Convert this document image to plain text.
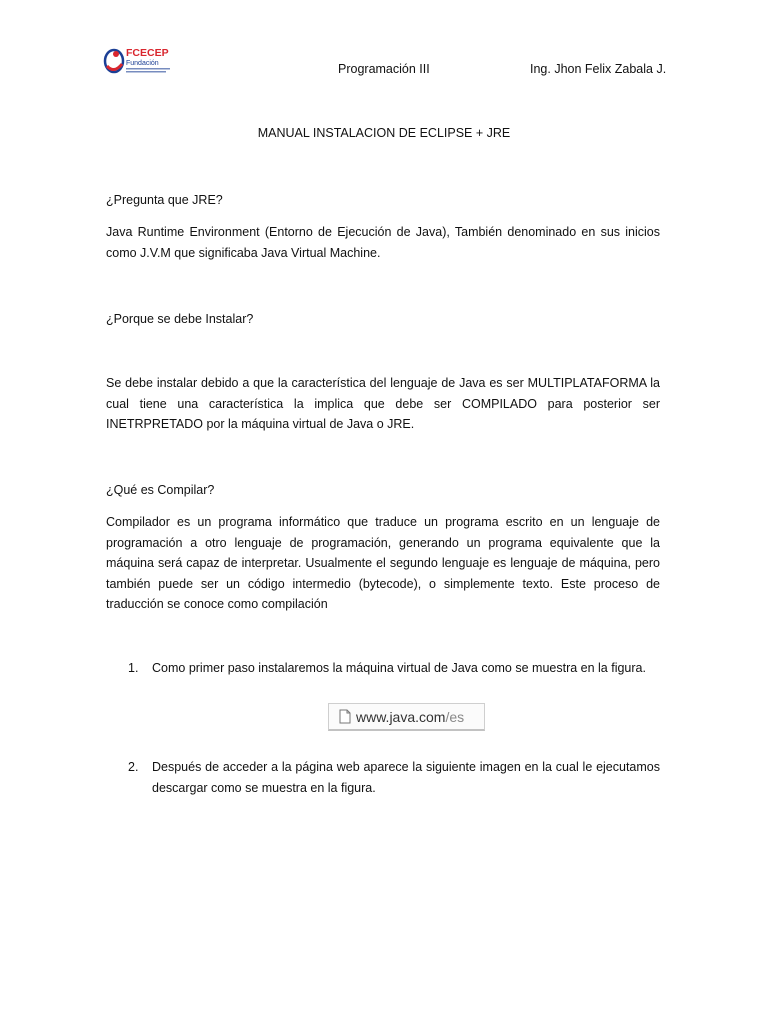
FCECEP
Fundación	Programación III	Ing. Jhon Felix Zabala J.
MANUAL INSTALACION DE ECLIPSE + JRE
¿Pregunta que JRE?

Java Runtime Environment (Entorno de Ejecución de Java), También denominado en sus inicios como J.V.M que significaba Java Virtual Machine.

¿Porque se debe Instalar?

Se debe instalar debido a que la característica del lenguaje de Java es ser MULTIPLATAFORMA la cual tiene una característica la implica que debe ser COMPILADO para posterior ser INETRPRETADO por la máquina virtual de Java o JRE.

¿Qué es Compilar?

Compilador es un programa informático que traduce un programa escrito en un lenguaje de programación a otro lenguaje de programación, generando un programa equivalente que la máquina será capaz de interpretar. Usualmente el segundo lenguaje es lenguaje de máquina, pero también puede ser un código intermedio (bytecode), o simplemente texto. Este proceso de traducción se conoce como compilación

1. Como primer paso instalaremos la máquina virtual de Java como se muestra en la figura.
www.java.com/es
2. Después de acceder a la página web aparece la siguiente imagen en la cual le ejecutamos descargar como se muestra en la figura.
